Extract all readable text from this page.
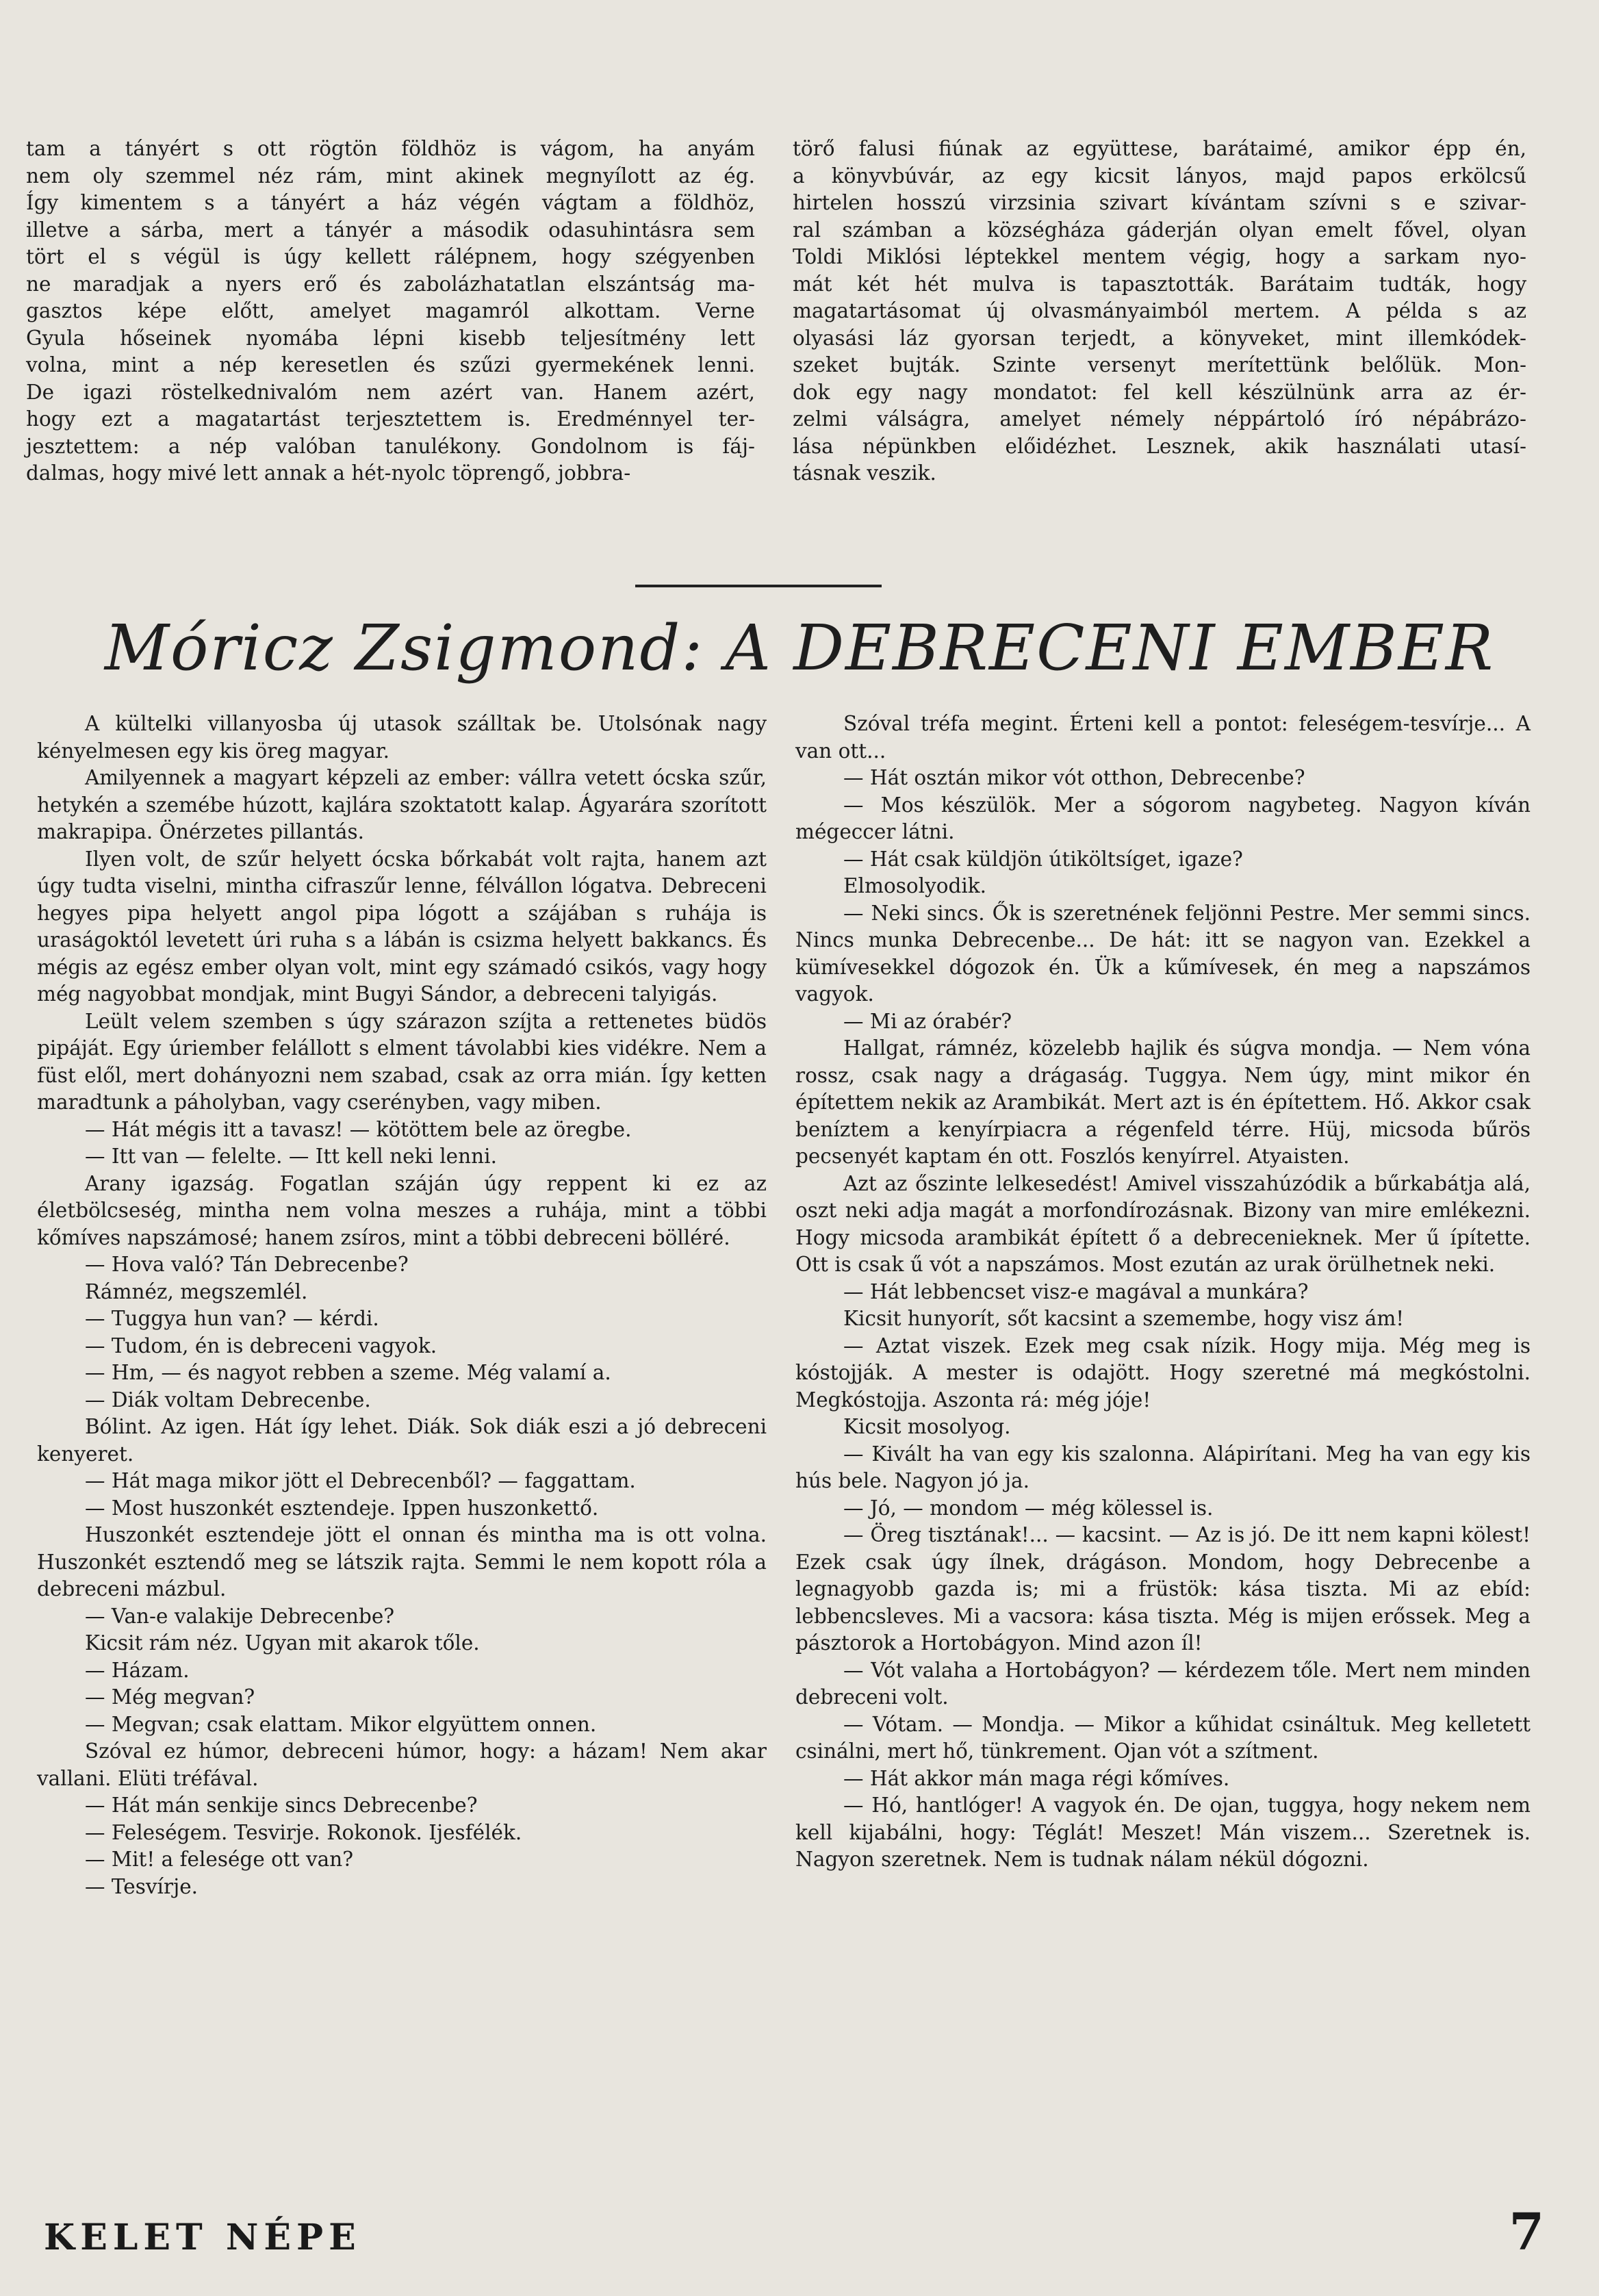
tam a tányért s ott rögtön földhöz is vágom, ha anyám

nem oly szemmel néz rám, mint akinek megnyílott az ég.

Így kimentem s a tányért a ház végén vágtam a földhöz,

illetve a sárba, mert a tányér a második odasuhintásra sem

tört el s végül is úgy kellett rálépnem, hogy szégyenben

ne maradjak a nyers erő és zabolázhatatlan elszántság ma-

gasztos képe előtt, amelyet magamról alkottam. Verne

Gyula hőseinek nyomába lépni kisebb teljesítmény lett

volna, mint a nép keresetlen és szűzi gyermekének lenni.

De igazi röstelkednivalóm nem azért van. Hanem azért,

hogy ezt a magatartást terjesztettem is. Eredménnyel ter-

jesztettem: a nép valóban tanulékony. Gondolnom is fáj-

dalmas, hogy mivé lett annak a hét-nyolc töprengő, jobbra-

törő falusi fiúnak az együttese, barátaimé, amikor épp én,

a könyvbúvár, az egy kicsit lányos, majd papos erkölcsű

hirtelen hosszú virzsinia szivart kívántam szívni s e szivar-

ral számban a községháza gáderján olyan emelt fővel, olyan

Toldi Miklósi léptekkel mentem végig, hogy a sarkam nyo-

mát két hét mulva is tapasztották. Barátaim tudták, hogy

magatartásomat új olvasmányaimból mertem. A példa s az

olyasási láz gyorsan terjedt, a könyveket, mint illemkódek-

szeket bujták. Szinte versenyt merítettünk belőlük. Mon-

dok egy nagy mondatot: fel kell készülnünk arra az ér-

zelmi válságra, amelyet némely néppártoló író népábrázo-

lása népünkben előidézhet. Lesznek, akik használati utasí-

tásnak veszik.

Móricz Zsigmond: A DEBRECENI EMBER

A kültelki villanyosba új utasok szálltak be. Utolsónak nagy kényelmesen egy kis öreg magyar.

Amilyennek a magyart képzeli az ember: vállra vetett ócska szűr, hetykén a szemébe húzott, kajlára szoktatott kalap. Ágyarára szorított makrapipa. Önérzetes pillantás.

Ilyen volt, de szűr helyett ócska bőrkabát volt rajta, hanem azt úgy tudta viselni, mintha cifraszűr lenne, félvállon lógatva. Debreceni hegyes pipa helyett angol pipa lógott a szájában s ruhája is uraságoktól levetett úri ruha s a lábán is csizma helyett bakkancs. És mégis az egész ember olyan volt, mint egy számadó csikós, vagy hogy még nagyobbat mondjak, mint Bugyi Sándor, a debreceni talyigás.

Leült velem szemben s úgy szárazon szíjta a rettenetes büdös pipáját. Egy úriember felállott s elment távolabbi kies vidékre. Nem a füst elől, mert dohányozni nem szabad, csak az orra mián. Így ketten maradtunk a páholyban, vagy cserényben, vagy miben.

— Hát mégis itt a tavasz! — kötöttem bele az öregbe.

— Itt van — felelte. — Itt kell neki lenni.

Arany igazság. Fogatlan száján úgy reppent ki ez az életbölcseség, mintha nem volna meszes a ruhája, mint a többi kőmíves napszámosé; hanem zsíros, mint a többi debreceni bölléré.

— Hova való? Tán Debrecenbe?

Rámnéz, megszemlél.

— Tuggya hun van? — kérdi.

— Tudom, én is debreceni vagyok.

— Hm, — és nagyot rebben a szeme. Még valamí a.

— Diák voltam Debrecenbe.

Bólint. Az igen. Hát így lehet. Diák. Sok diák eszi a jó debreceni kenyeret.

— Hát maga mikor jött el Debrecenből? — faggattam.

— Most huszonkét esztendeje. Ippen huszonkettő.

Huszonkét esztendeje jött el onnan és mintha ma is ott volna. Huszonkét esztendő meg se látszik rajta. Semmi le nem kopott róla a debreceni mázbul.

— Van-e valakije Debrecenbe?

Kicsit rám néz. Ugyan mit akarok tőle.

— Házam.

— Még megvan?

— Megvan; csak elattam. Mikor elgyüttem onnen.

Szóval ez húmor, debreceni húmor, hogy: a házam! Nem akar vallani. Elüti tréfával.

— Hát mán senkije sincs Debrecenbe?

— Feleségem. Tesvirje. Rokonok. Ijesfélék.

— Mit! a felesége ott van?

— Tesvírje.

Szóval tréfa megint. Érteni kell a pontot: feleségem-tesvírje... A van ott...

— Hát osztán mikor vót otthon, Debrecenbe?

— Mos készülök. Mer a sógorom nagybeteg. Nagyon kíván mégeccer látni.

— Hát csak küldjön útiköltsíget, igaze?

Elmosolyodik.

— Neki sincs. Ők is szeretnének feljönni Pestre. Mer semmi sincs. Nincs munka Debrecenbe... De hát: itt se nagyon van. Ezekkel a kümívesekkel dógozok én. Ük a kűmívesek, én meg a napszámos vagyok.

— Mi az órabér?

Hallgat, rámnéz, közelebb hajlik és súgva mondja. — Nem vóna rossz, csak nagy a drágaság. Tuggya. Nem úgy, mint mikor én építettem nekik az Arambikát. Mert azt is én építettem. Hő. Akkor csak beníztem a kenyírpiacra a régenfeld térre. Hüj, micsoda bűrös pecsenyét kaptam én ott. Foszlós kenyírrel. Atyaisten.

Azt az őszinte lelkesedést! Amivel visszahúzódik a bűrkabátja alá, oszt neki adja magát a morfondírozásnak. Bizony van mire emlékezni. Hogy micsoda arambikát épített ő a debrecenieknek. Mer ű ípítette. Ott is csak ű vót a napszámos. Most ezután az urak örülhetnek neki.

— Hát lebbencset visz-e magával a munkára?

Kicsit hunyorít, sőt kacsint a szemembe, hogy visz ám!

— Aztat viszek. Ezek meg csak nízik. Hogy mija. Még meg is kóstojják. A mester is odajött. Hogy szeretné má megkóstolni. Megkóstojja. Aszonta rá: még jóje!

Kicsit mosolyog.

— Kivált ha van egy kis szalonna. Alápirítani. Meg ha van egy kis hús bele. Nagyon jó ja.

— Jó, — mondom — még kölessel is.

— Öreg tisztának!... — kacsint. — Az is jó. De itt nem kapni kölest! Ezek csak úgy ílnek, drágáson. Mondom, hogy Debrecenbe a legnagyobb gazda is; mi a früstök: kása tiszta. Mi az ebíd: lebbencsleves. Mi a vacsora: kása tiszta. Még is mijen erőssek. Meg a pásztorok a Hortobágyon. Mind azon íl!

— Vót valaha a Hortobágyon? — kérdezem tőle. Mert nem minden debreceni volt.

— Vótam. — Mondja. — Mikor a kűhidat csináltuk. Meg kelletett csinálni, mert hő, tünkrement. Ojan vót a szítment.

— Hát akkor mán maga régi kőmíves.

— Hó, hantlóger! A vagyok én. De ojan, tuggya, hogy nekem nem kell kijabálni, hogy: Téglát! Meszet! Mán viszem... Szeretnek is. Nagyon szeretnek. Nem is tudnak nálam nékül dógozni.

KELET NÉPE	7
